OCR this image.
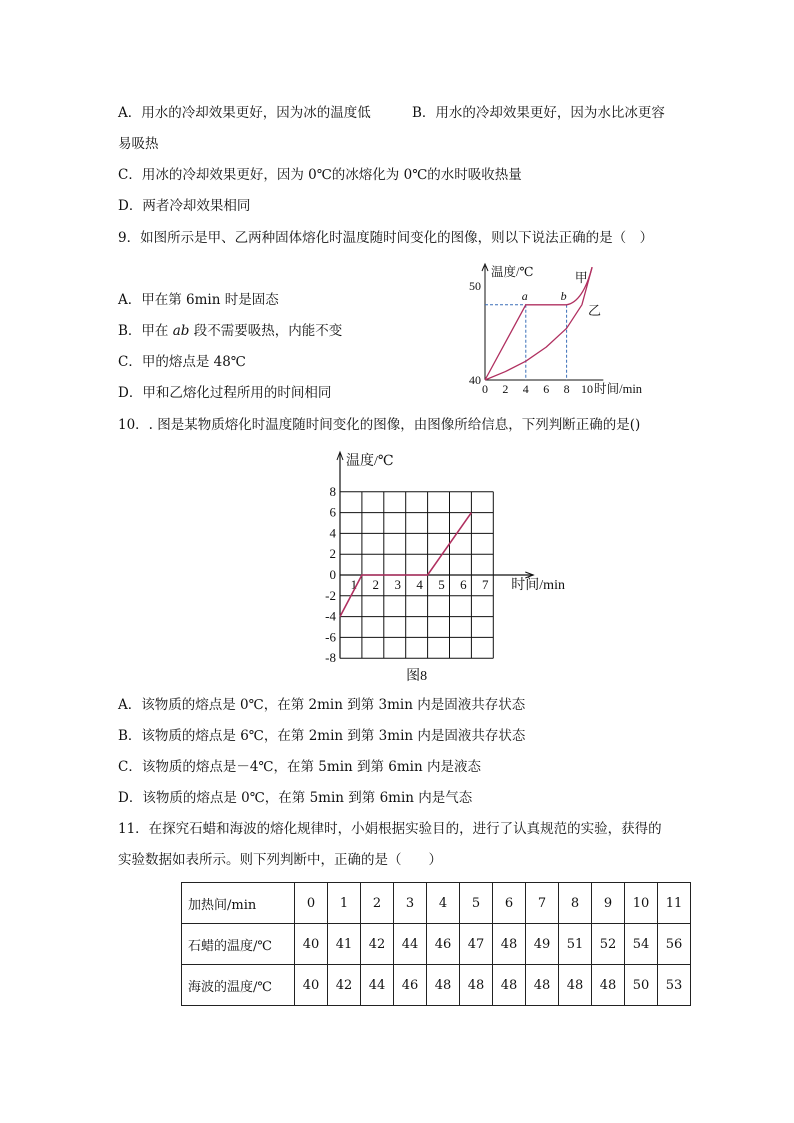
A．用水的冷却效果更好，因为冰的温度低	B．用水的冷却效果更好，因为水比冰更容
易吸热
C．用冰的冷却效果更好，因为 0℃的冰熔化为 0℃的水时吸收热量
D．两者冷却效果相同
9．如图所示是甲、乙两种固体熔化时温度随时间变化的图像，则以下说法正确的是（　）
A．甲在第 6min 时是固态
B．甲在 ab 段不需要吸热，内能不变
C．甲的熔点是 48℃
D．甲和乙熔化过程所用的时间相同	0 2 4 6 8 10
40
50
温度/℃
时间/min
a	b
甲
乙
10．. 图是某物质熔化时温度随时间变化的图像，由图像所给信息，下列判断正确的是()
1 2 3 4 5 6 7
8
6
4
2
0
-2
-4
-6
-8
温度/℃
时间/min
图8
A．该物质的熔点是 0℃，在第 2min 到第 3min 内是固液共存状态
B．该物质的熔点是 6℃，在第 2min 到第 3min 内是固液共存状态
C．该物质的熔点是－4℃，在第 5min 到第 6min 内是液态
D．该物质的熔点是 0℃，在第 5min 到第 6min 内是气态
11．在探究石蜡和海波的熔化规律时，小娟根据实验目的，进行了认真规范的实验，获得的
实验数据如表所示。则下列判断中，正确的是（　　）
加热间/min	0	1	2	3	4	5	6	7	8	9	10	11
石蜡的温度/℃	40	41	42	44	46	47	48	49	51	52	54	56
海波的温度/℃	40	42	44	46	48	48	48	48	48	48	50	53
